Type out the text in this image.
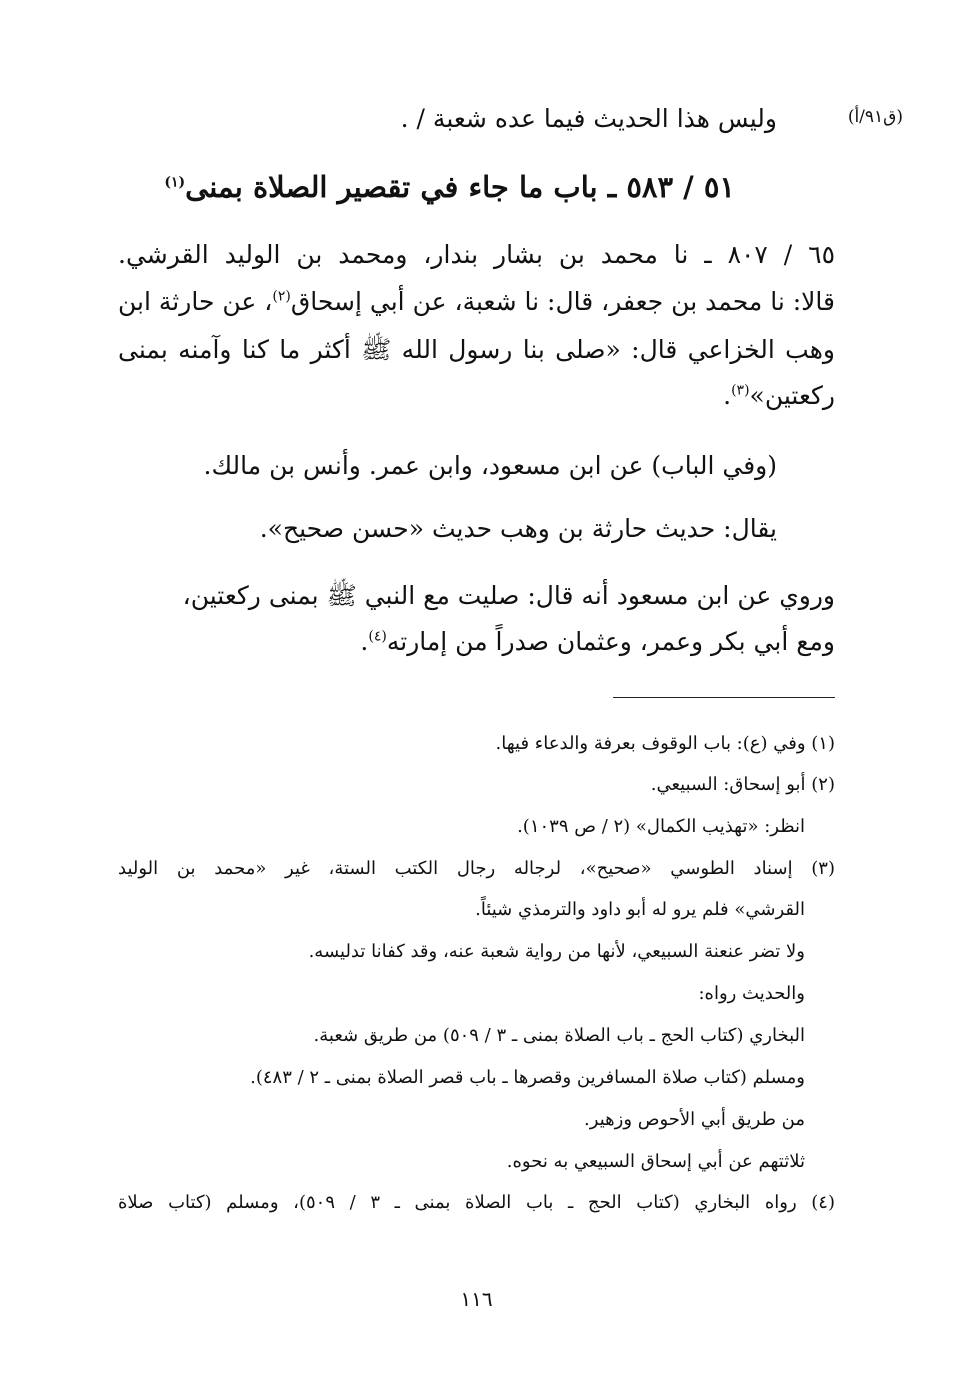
(ق٩١/أ)
وليس هذا الحديث فيما عده شعبة / .
٥١ / ٥٨٣ ـ باب ما جاء في تقصير الصلاة بمنى$^{(١)}$
٦٥ / ٨٠٧ ـ نا محمد بن بشار بندار، ومحمد بن الوليد القرشي.
قالا: نا محمد بن جعفر، قال: نا شعبة، عن أبي إسحاق$^{(٢)}$، عن حارثة ابن
وهب الخزاعي قال: «صلى بنا رسول الله ﷺ أكثر ما كنا وآمنه بمنى
ركعتين»$^{(٣)}$.
(وفي الباب) عن ابن مسعود، وابن عمر. وأنس بن مالك.
يقال: حديث حارثة بن وهب حديث «حسن صحيح».
وروي عن ابن مسعود أنه قال: صليت مع النبي ﷺ بمنى ركعتين،
ومع أبي بكر وعمر، وعثمان صدراً من إمارته$^{(٤)}$.
(١) وفي (ع): باب الوقوف بعرفة والدعاء فيها.
(٢) أبو إسحاق: السبيعي.
انظر: «تهذيب الكمال» (٢ / ص ١٠٣٩).
(٣) إسناد الطوسي «صحيح»، لرجاله رجال الكتب الستة، غير «محمد بن الوليد
القرشي» فلم يرو له أبو داود والترمذي شيئاً.
ولا تضر عنعنة السبيعي، لأنها من رواية شعبة عنه، وقد كفانا تدليسه.
والحديث رواه:
البخاري (كتاب الحج ـ باب الصلاة بمنى ـ ٣ / ٥٠٩) من طريق شعبة.
ومسلم (كتاب صلاة المسافرين وقصرها ـ باب قصر الصلاة بمنى ـ ٢ / ٤٨٣).
من طريق أبي الأحوص وزهير.
ثلاثتهم عن أبي إسحاق السبيعي به نحوه.
(٤) رواه البخاري (كتاب الحج ـ باب الصلاة بمنى ـ ٣ / ٥٠٩)، ومسلم (كتاب صلاة
١١٦
